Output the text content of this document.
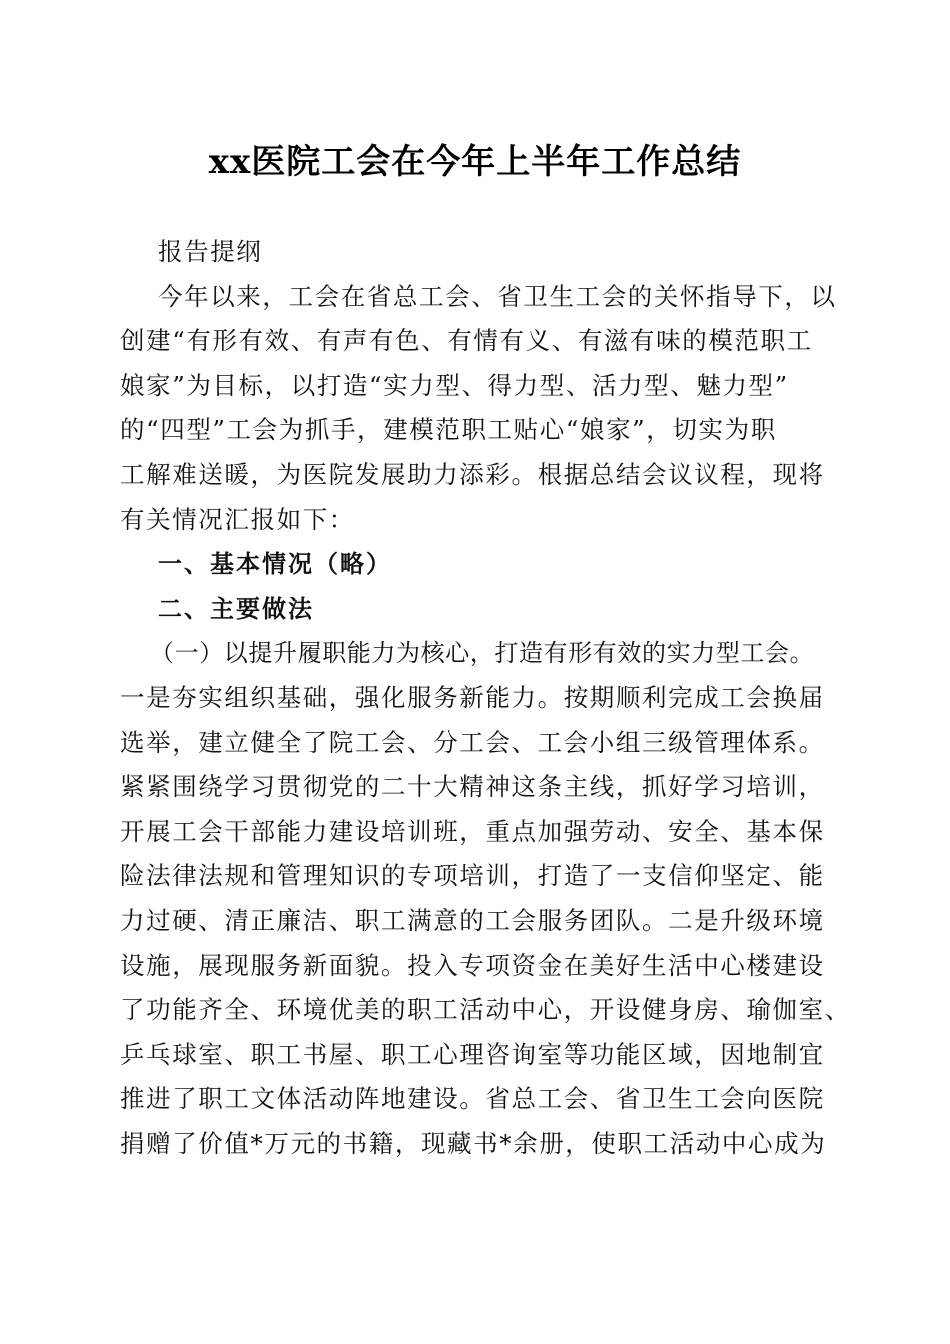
xx医院工会在今年上半年工作总结
报告提纲
今年以来，工会在省总工会、省卫生工会的关怀指导下，以
创建“有形有效、有声有色、有情有义、有滋有味的模范职工
娘家”为目标，以打造“实力型、得力型、活力型、魅力型”
的“四型”工会为抓手，建模范职工贴心“娘家”，切实为职
工解难送暖，为医院发展助力添彩。根据总结会议议程，现将
有关情况汇报如下：
一、基本情况（略）
二、主要做法
（一）以提升履职能力为核心，打造有形有效的实力型工会。
一是夯实组织基础，强化服务新能力。按期顺利完成工会换届
选举，建立健全了院工会、分工会、工会小组三级管理体系。
紧紧围绕学习贯彻党的二十大精神这条主线，抓好学习培训，
开展工会干部能力建设培训班，重点加强劳动、安全、基本保
险法律法规和管理知识的专项培训，打造了一支信仰坚定、能
力过硬、清正廉洁、职工满意的工会服务团队。二是升级环境
设施，展现服务新面貌。投入专项资金在美好生活中心楼建设
了功能齐全、环境优美的职工活动中心，开设健身房、瑜伽室、
乒乓球室、职工书屋、职工心理咨询室等功能区域，因地制宜
推进了职工文体活动阵地建设。省总工会、省卫生工会向医院
捐赠了价值*万元的书籍，现藏书*余册，使职工活动中心成为
